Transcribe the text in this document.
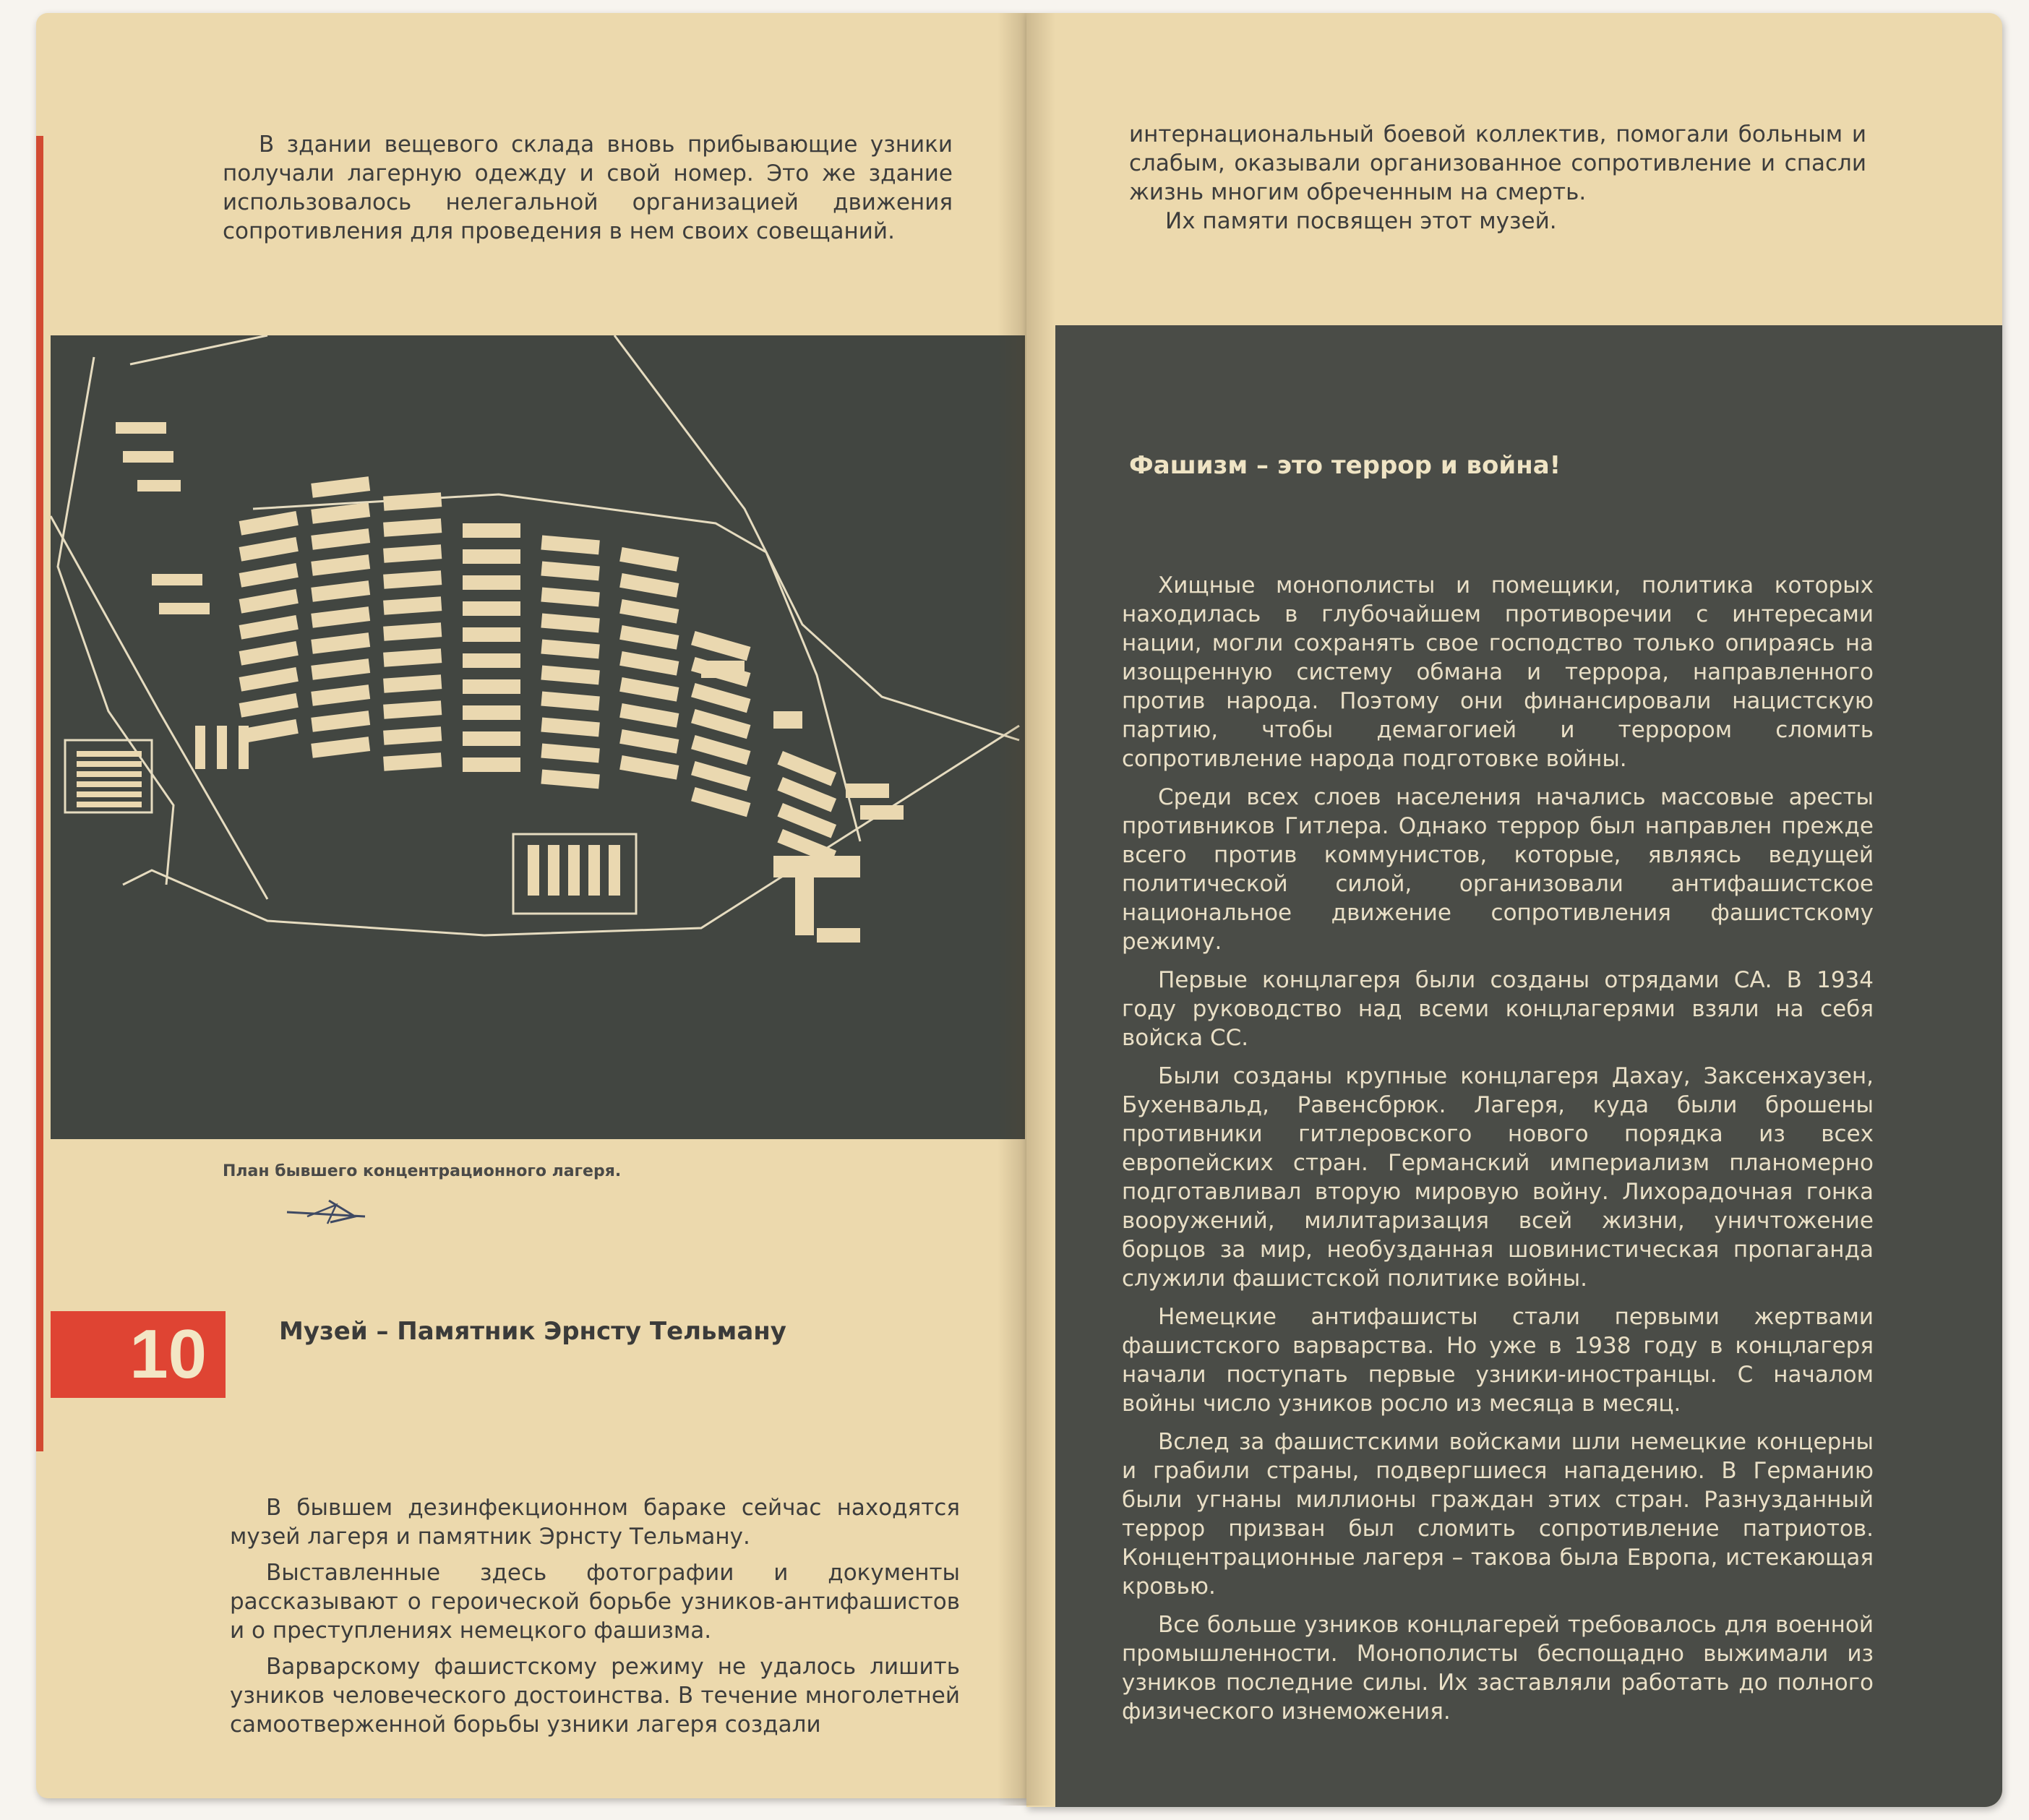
В здании вещевого склада вновь прибывающие узники получали лагерную одежду и свой номер. Это же здание использовалось нелегальной организацией движения сопротивления для проведения в нем своих совещаний.

План бывшего концентрационного лагеря.
10	Музей – Памятник Эрнсту Тельману

В бывшем дезинфекционном бараке сейчас находятся музей лагеря и памятник Эрнсту Тельману.

Выставленные здесь фотографии и документы рассказывают о героической борьбе узников-антифашистов и о преступлениях немецкого фашизма.

Варварскому фашистскому режиму не удалось лишить узников человеческого достоинства. В течение многолетней самоотверженной борьбы узники лагеря создали

интернациональный боевой коллектив, помогали больным и слабым, оказывали организованное сопротивление и спасли жизнь многим обреченным на смерть.

Их памяти посвящен этот музей.

Фашизм – это террор и война!

Хищные монополисты и помещики, политика которых находилась в глубочайшем противоречии с интересами нации, могли сохранять свое господство только опираясь на изощренную систему обмана и террора, направленного против народа. Поэтому они финансировали нацистскую партию, чтобы демагогией и террором сломить сопротивление народа подготовке войны.

Среди всех слоев населения начались массовые аресты противников Гитлера. Однако террор был направлен прежде всего против коммунистов, которые, являясь ведущей политической силой, организовали антифашистское национальное движение сопротивления фашистскому режиму.

Первые концлагеря были созданы отрядами СА. В 1934 году руководство над всеми концлагерями взяли на себя войска СС.

Были созданы крупные концлагеря Дахау, Заксенхаузен, Бухенвальд, Равенсбрюк. Лагеря, куда были брошены противники гитлеровского нового порядка из всех европейских стран. Германский империализм планомерно подготавливал вторую мировую войну. Лихорадочная гонка вооружений, милитаризация всей жизни, уничтожение борцов за мир, необузданная шовинистическая пропаганда служили фашистской политике войны.

Немецкие антифашисты стали первыми жертвами фашистского варварства. Но уже в 1938 году в концлагеря начали поступать первые узники-иностранцы. С началом войны число узников росло из месяца в месяц.

Вслед за фашистскими войсками шли немецкие концерны и грабили страны, подвергшиеся нападению. В Германию были угнаны миллионы граждан этих стран. Разнузданный террор призван был сломить сопротивление патриотов. Концентрационные лагеря – такова была Европа, истекающая кровью.

Все больше узников концлагерей требовалось для военной промышленности. Монополисты беспощадно выжимали из узников последние силы. Их заставляли работать до полного физического изнеможения.
